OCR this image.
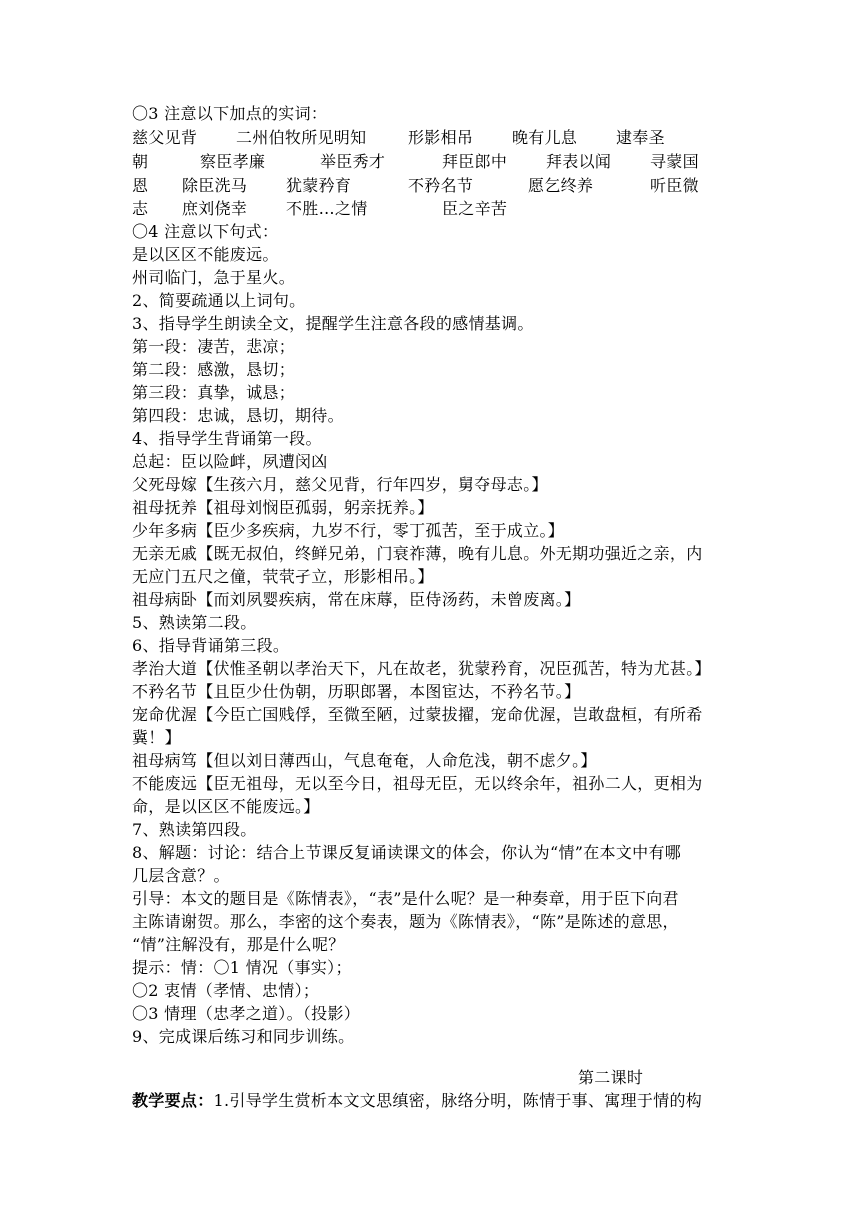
〇3 注意以下加点的实词：
慈父见背 二州伯牧所见明知	形影相吊 晚有儿息 逮奉圣
朝	察臣孝廉	举臣秀才	拜臣郎中 拜表以闻 寻蒙国
恩 除臣洗马 犹蒙矜育	不矜名节	愿乞终养	听臣微
志 庶刘侥幸 不胜…之情	臣之辛苦
〇4 注意以下句式：
是以区区不能废远。
州司临门，急于星火。
2、简要疏通以上词句。
3、指导学生朗读全文，提醒学生注意各段的感情基调。
第一段：凄苦，悲凉；
第二段：感激，恳切；
第三段：真挚，诚恳；
第四段：忠诚，恳切，期待。
4、指导学生背诵第一段。
总起：臣以险衅，夙遭闵凶
父死母嫁【生孩六月，慈父见背，行年四岁，舅夺母志。】
祖母抚养【祖母刘悯臣孤弱，躬亲抚养。】
少年多病【臣少多疾病，九岁不行，零丁孤苦，至于成立。】
无亲无戚【既无叔伯，终鲜兄弟，门衰祚薄，晚有儿息。外无期功强近之亲，内
无应门五尺之僮，茕茕孑立，形影相吊。】
祖母病卧【而刘夙婴疾病，常在床蓐，臣侍汤药，未曾废离。】
5、熟读第二段。
6、指导背诵第三段。
孝治大道【伏惟圣朝以孝治天下，凡在故老，犹蒙矜育，况臣孤苦，特为尤甚。】
不矜名节【且臣少仕伪朝，历职郎署，本图宦达，不矜名节。】
宠命优渥【今臣亡国贱俘，至微至陋，过蒙拔擢，宠命优渥，岂敢盘桓，有所希
冀！】
祖母病笃【但以刘日薄西山，气息奄奄，人命危浅，朝不虑夕。】
不能废远【臣无祖母，无以至今日，祖母无臣，无以终余年，祖孙二人，更相为
命，是以区区不能废远。】
7、熟读第四段。
8、解题：讨论：结合上节课反复诵读课文的体会，你认为“情”在本文中有哪
几层含意？。
引导：本文的题目是《陈情表》，“表”是什么呢？是一种奏章，用于臣下向君
主陈请谢贺。那么，李密的这个奏表，题为《陈情表》，“陈”是陈述的意思，
“情”注解没有，那是什么呢？
提示：情：〇1 情况（事实）；
〇2 衷情（孝情、忠情）；
〇3 情理（忠孝之道）。（投影）
9、完成课后练习和同步训练。
第二课时
教学要点：1.引导学生赏析本文文思缜密，脉络分明，陈情于事、寓理于情的构
